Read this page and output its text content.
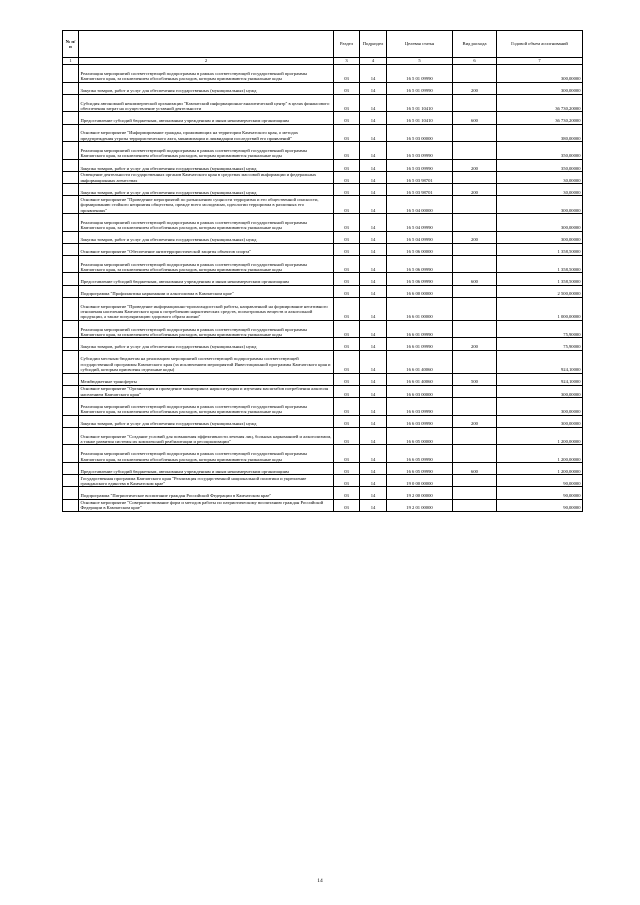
№ п/п		Раздел	Подраздел	Целевая статья	Вид расхода	Годовой объем ассигнований
1	2	3	4	5	6	7
	Реализация мероприятий соответствующей подпрограммы в рамках соответствующей государственной программы Камчатского края, за исключением обособленных расходов, которым присваиваются уникальные коды	03	14	16 5 01 09990		300,00000
	Закупка товаров, работ и услуг для обеспечения государственных (муниципальных) нужд	03	14	16 5 01 09990	200	300,00000
	Субсидия автономной некоммерческой организации "Камчатский информационно-аналитический центр" в целях финансового обеспечения затрат на осуществление уставной деятельности	03	14	16 5 01 10410		36 730,20000
	Предоставление субсидий бюджетным, автономным учреждениям и иным некоммерческим организациям	03	14	16 5 01 10410	600	36 730,20000
	Основное мероприятие "Информирование граждан, проживающих на территории Камчатского края, о методах предупреждения угрозы террористического акта, минимизации и ликвидации последствий его проявлений"	03	14	16 5 03 00000		380,00000
	Реализация мероприятий соответствующей подпрограммы в рамках соответствующей государственной программы Камчатского края, за исключением обособленных расходов, которым присваиваются уникальные коды	03	14	16 5 03 09990		350,00000
	Закупка товаров, работ и услуг для обеспечения государственных (муниципальных) нужд	03	14	16 5 03 09990	200	350,00000
	Освещение деятельности государственных органов Камчатского края в средствах массовой информации и федеральных информационных агентствах	03	14	16 5 03 98701		30,00000
	Закупка товаров, работ и услуг для обеспечения государственных (муниципальных) нужд	03	14	16 5 03 98701	200	30,00000
	Основное мероприятие "Проведение мероприятий по разъяснению сущности терроризма и его общественной опасности, формированию стойкого неприятия обществом, прежде всего молодежью, идеологии терроризма в различных его проявлениях"	03	14	16 5 04 00000		300,00000
	Реализация мероприятий соответствующей подпрограммы в рамках соответствующей государственной программы Камчатского края, за исключением обособленных расходов, которым присваиваются уникальные коды	03	14	16 5 04 09990		300,00000
	Закупка товаров, работ и услуг для обеспечения государственных (муниципальных) нужд	03	14	16 5 04 09990	200	300,00000
	Основное мероприятие "Обеспечение антитеррористической защиты объектов спорта"	03	14	16 5 06 00000		1 358,50000
	Реализация мероприятий соответствующей подпрограммы в рамках соответствующей государственной программы Камчатского края, за исключением обособленных расходов, которым присваиваются уникальные коды	03	14	16 5 06 09990		1 358,50000
	Предоставление субсидий бюджетным, автономным учреждениям и иным некоммерческим организациям	03	14	16 5 06 09990	600	1 358,50000
	Подпрограмма "Профилактика наркомании и алкоголизма в Камчатском крае"	03	14	16 6 00 00000		2 500,00000
	Основное мероприятие "Проведение информационно-пропагандистской работы, направленной на формирование негативного отношения населения Камчатского края к потреблению наркотических средств, психотропных веществ и алкогольной продукции, а также популяризацию здорового образа жизни"	03	14	16 6 01 00000		1 000,00000
	Реализация мероприятий соответствующей подпрограммы в рамках соответствующей государственной программы Камчатского края, за исключением обособленных расходов, которым присваиваются уникальные коды	03	14	16 6 01 09990		75,90000
	Закупка товаров, работ и услуг для обеспечения государственных (муниципальных) нужд	03	14	16 6 01 09990	200	75,90000
	Субсидии местным бюджетам на реализацию мероприятий соответствующей подпрограммы соответствующей государственной программы Камчатского края (за исключением мероприятий Инвестиционной программы Камчатского края и субсидий, которым присвоены отдельные коды)	03	14	16 6 01 40060		924,10000
	Межбюджетные трансферты	03	14	16 6 01 40060	500	924,10000
	Основное мероприятие "Организация и проведение мониторинга наркоситуации и изучения масштабов потребления алкоголя населением Камчатского края"	03	14	16 6 03 00000		300,00000
	Реализация мероприятий соответствующей подпрограммы в рамках соответствующей государственной программы Камчатского края, за исключением обособленных расходов, которым присваиваются уникальные коды	03	14	16 6 03 09990		300,00000
	Закупка товаров, работ и услуг для обеспечения государственных (муниципальных) нужд	03	14	16 6 03 09990	200	300,00000
	Основное мероприятие "Создание условий для повышения эффективности лечения лиц, больных наркоманией и алкоголизмом, а также развития системы их комплексной реабилитации и ресоциализации"	03	14	16 6 05 00000		1 200,00000
	Реализация мероприятий соответствующей подпрограммы в рамках соответствующей государственной программы Камчатского края, за исключением обособленных расходов, которым присваиваются уникальные коды	03	14	16 6 05 09990		1 200,00000
	Предоставление субсидий бюджетным, автономным учреждениям и иным некоммерческим организациям	03	14	16 6 05 09990	600	1 200,00000
	Государственная программа Камчатского края "Реализация государственной национальной политики и укрепление гражданского единства в Камчатском крае"	03	14	19 0 00 00000		90,00000
	Подпрограмма "Патриотическое воспитание граждан Российской Федерации в Камчатском крае"	03	14	19 2 00 00000		90,00000
	Основное мероприятие "Совершенствование форм и методов работы по патриотическому воспитанию граждан Российской Федерации в Камчатском крае"	03	14	19 2 01 00000		90,00000
14
